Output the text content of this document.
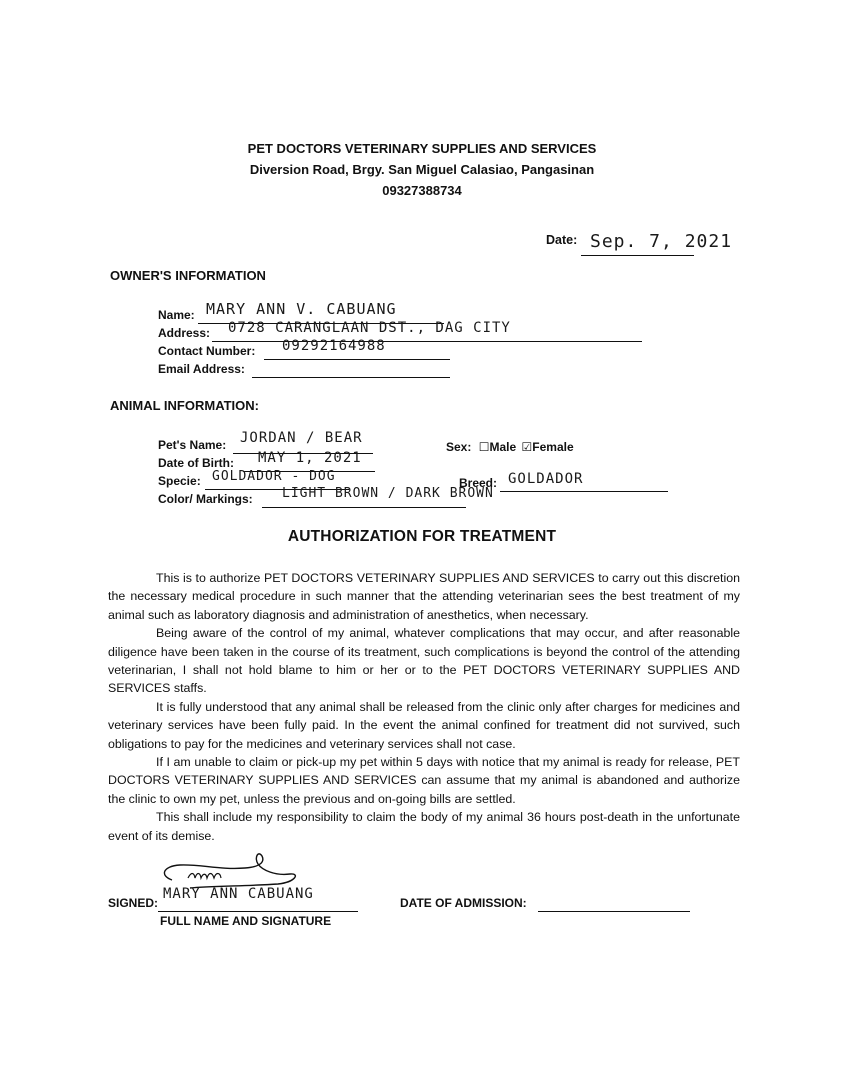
PET DOCTORS VETERINARY SUPPLIES AND SERVICES
Diversion Road, Brgy. San Miguel Calasiao, Pangasinan
09327388734
Date: Sep. 7, 2021
OWNER'S INFORMATION
Name: MARY ANN V. CABUANG
Address: 0728 CARANGLAAN DST., DAG CITY
Contact Number: 09292164988
Email Address:
ANIMAL INFORMATION:
Pet's Name: JORDAN / BEAR
Date of Birth: MAY 1, 2021
Specie: GOLDADOR - DOG
Color/ Markings: LIGHT BROWN / DARK BROWN
Sex: ☐Male ☑Female
Breed: GOLDADOR
AUTHORIZATION FOR TREATMENT

This is to authorize PET DOCTORS VETERINARY SUPPLIES AND SERVICES to carry out this discretion the necessary medical procedure in such manner that the attending veterinarian sees the best treatment of my animal such as laboratory diagnosis and administration of anesthetics, when necessary.

Being aware of the control of my animal, whatever complications that may occur, and after reasonable diligence have been taken in the course of its treatment, such complications is beyond the control of the attending veterinarian, I shall not hold blame to him or her or to the PET DOCTORS VETERINARY SUPPLIES AND SERVICES staffs.

It is fully understood that any animal shall be released from the clinic only after charges for medicines and veterinary services have been fully paid. In the event the animal confined for treatment did not survived, such obligations to pay for the medicines and veterinary services shall not case.

If I am unable to claim or pick-up my pet within 5 days with notice that my animal is ready for release, PET DOCTORS VETERINARY SUPPLIES AND SERVICES can assume that my animal is abandoned and authorize the clinic to own my pet, unless the previous and on-going bills are settled.

This shall include my responsibility to claim the body of my animal 36 hours post-death in the unfortunate event of its demise.

SIGNED:
MARY ANN CABUANG
FULL NAME AND SIGNATURE
DATE OF ADMISSION:
